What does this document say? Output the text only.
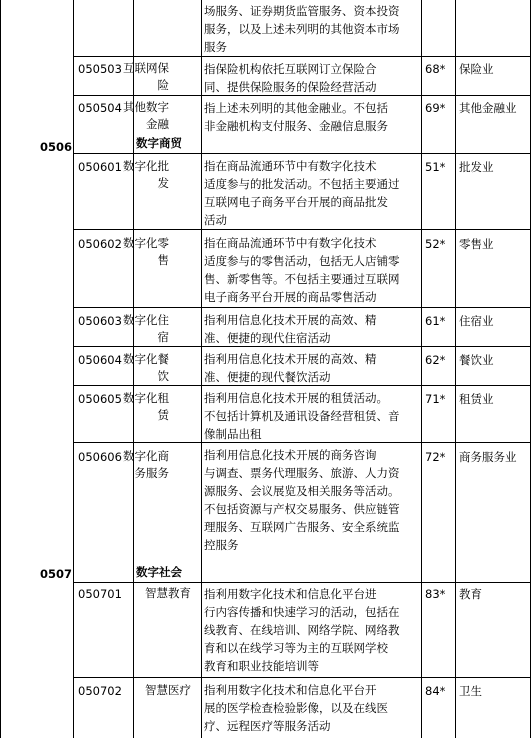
场服务、证券期货监管服务、资本投资
服务，以及上述未列明的其他资本市场
服务
0506
0507
数字商贸
数字社会
050503 互联网保
险
指保险机构依托互联网订立保险合
同、提供保险服务的保险经营活动
68* 保险业
050504 其他数字
金融
指上述未列明的其他金融业。不包括
非金融机构支付服务、金融信息服务
69* 其他金融业
050601 数字化批
发
指在商品流通环节中有数字化技术
适度参与的批发活动。不包括主要通过
互联网电子商务平台开展的商品批发
活动
51* 批发业
050602 数字化零
售
指在商品流通环节中有数字化技术
适度参与的零售活动，包括无人店铺零
售、新零售等。不包括主要通过互联网
电子商务平台开展的商品零售活动
52* 零售业
050603 数字化住
宿
指利用信息化技术开展的高效、精
准、便捷的现代住宿活动
61* 住宿业
050604 数字化餐
饮
指利用信息化技术开展的高效、精
准、便捷的现代餐饮活动
62* 餐饮业
050605 数字化租
赁
指利用信息化技术开展的租赁活动。
不包括计算机及通讯设备经营租赁、音
像制品出租
71* 租赁业
050606 数字化商
务服务
指利用信息化技术开展的商务咨询
与调查、票务代理服务、旅游、人力资
源服务、会议展览及相关服务等活动。
不包括资源与产权交易服务、供应链管
理服务、互联网广告服务、安全系统监
控服务
72* 商务服务业
050701 智慧教育 指利用数字化技术和信息化平台进
行内容传播和快速学习的活动，包括在
线教育、在线培训、网络学院、网络教
育和以在线学习等为主的互联网学校
教育和职业技能培训等
83* 教育
050702 智慧医疗 指利用数字化技术和信息化平台开
展的医学检查检验影像，以及在线医
疗、远程医疗等服务活动
84* 卫生
